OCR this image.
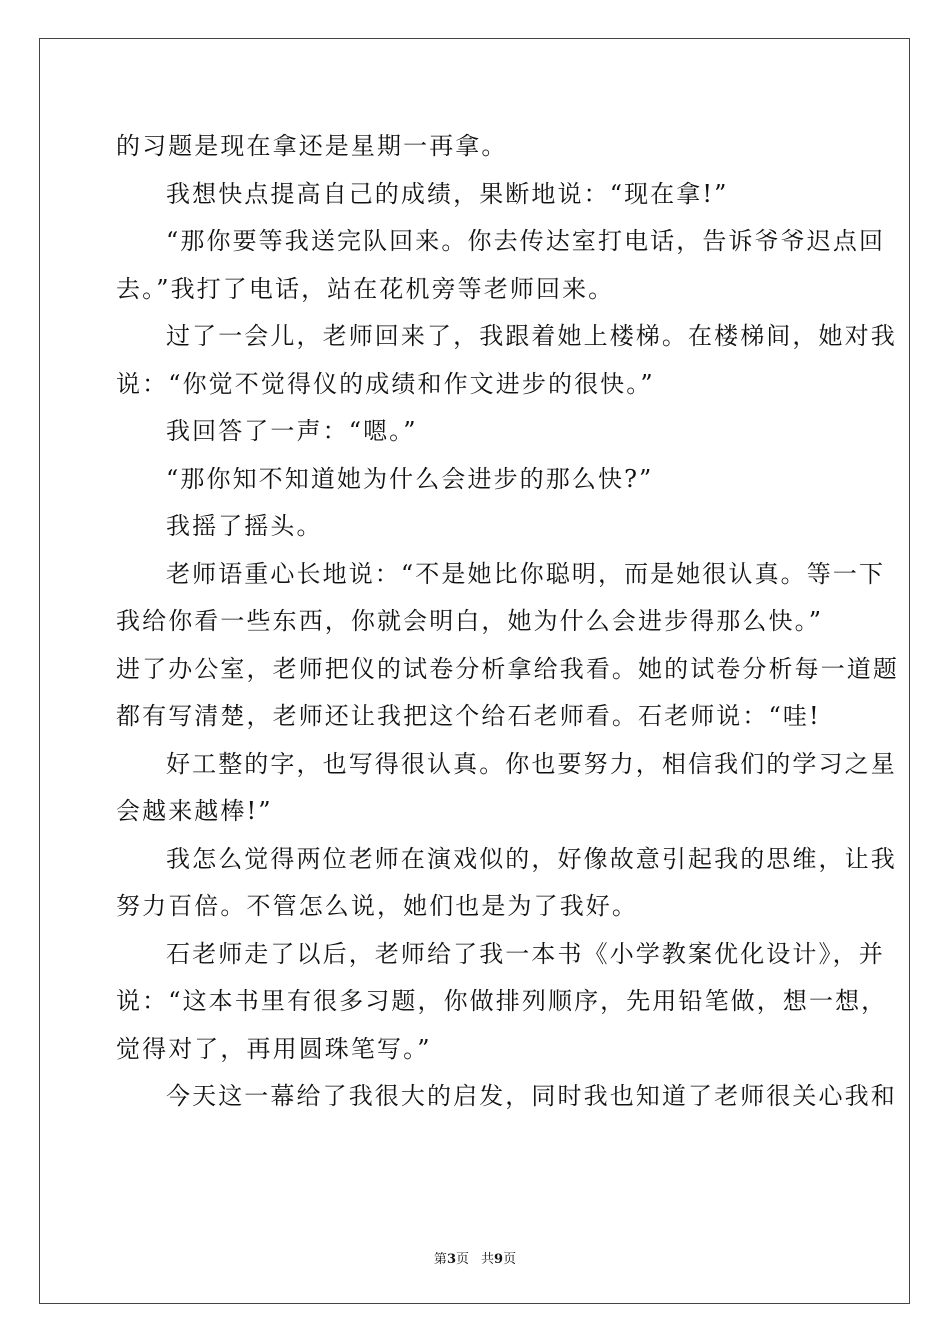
的习题是现在拿还是星期一再拿。

我想快点提高自己的成绩，果断地说：“现在拿!”

“那你要等我送完队回来。你去传达室打电话，告诉爷爷迟点回

去。”我打了电话，站在花机旁等老师回来。

过了一会儿，老师回来了，我跟着她上楼梯。在楼梯间，她对我

说：“你觉不觉得仪的成绩和作文进步的很快。”

我回答了一声：“嗯。”

“那你知不知道她为什么会进步的那么快?”

我摇了摇头。

老师语重心长地说：“不是她比你聪明，而是她很认真。等一下

我给你看一些东西，你就会明白，她为什么会进步得那么快。”

进了办公室，老师把仪的试卷分析拿给我看。她的试卷分析每一道题

都有写清楚，老师还让我把这个给石老师看。石老师说：“哇!

好工整的字，也写得很认真。你也要努力，相信我们的学习之星

会越来越棒!”

我怎么觉得两位老师在演戏似的，好像故意引起我的思维，让我

努力百倍。不管怎么说，她们也是为了我好。

石老师走了以后，老师给了我一本书《小学教案优化设计》，并

说：“这本书里有很多习题，你做排列顺序，先用铅笔做，想一想，

觉得对了，再用圆珠笔写。”

今天这一幕给了我很大的启发，同时我也知道了老师很关心我和

第3页 共9页
